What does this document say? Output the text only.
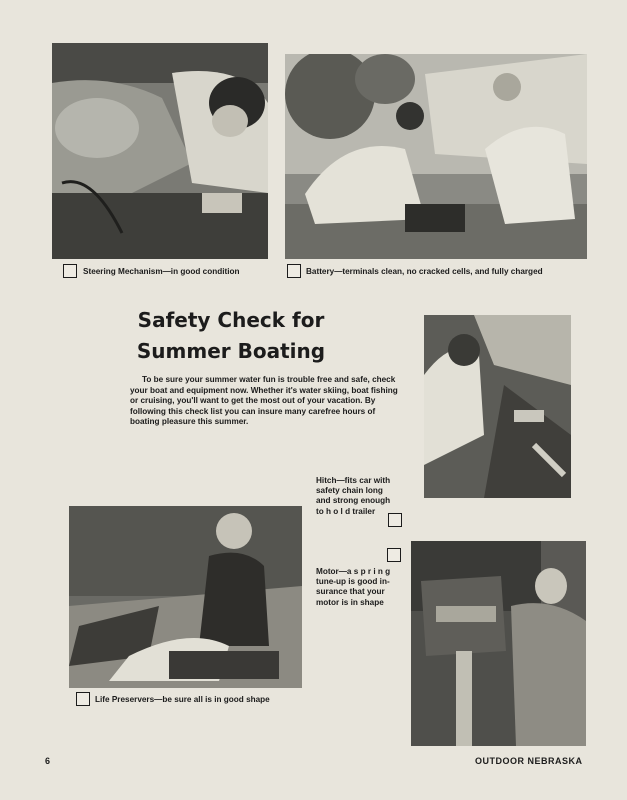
Steering Mechanism—in good condition	Battery—terminals clean, no cracked cells, and fully charged
Safety Check for
Summer Boating

To be sure your summer water fun is trouble free and safe, check your boat and equipment now. Whether it's water skiing, boat fishing or cruising, you'll want to get the most out of your vacation. By following this check list you can insure many carefree hours of boating pleasure this summer.

Hitch—fits car with
safety chain long
and strong enough
to h o l d trailer
Life Preservers—be sure all is in good shape
Motor—a s p r i n g
tune-up is good in-
surance that your
motor is in shape
6	OUTDOOR NEBRASKA
